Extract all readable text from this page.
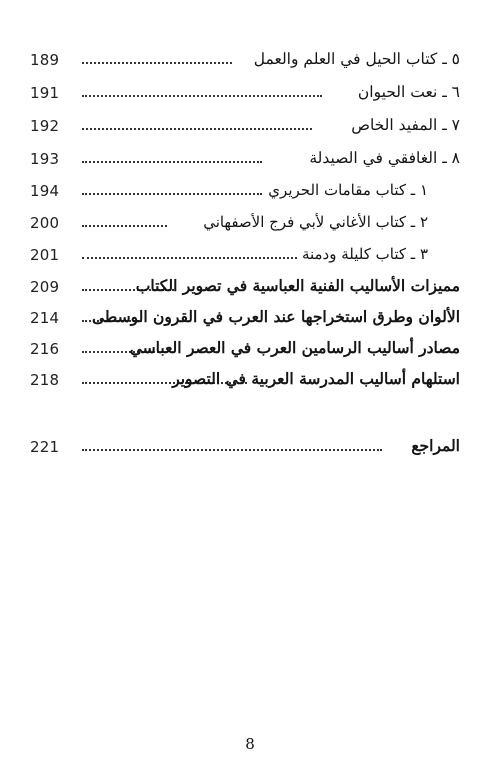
189	٥ ـ كتاب الحيل في العلم والعمل
191	٦ ـ نعت الحيوان
192	٧ ـ المفيد الخاص
193	٨ ـ الغافقي في الصيدلة
194	١ ـ كتاب مقامات الحريري
200	٢ ـ كتاب الأغاني لأبي فرج الأصفهاني
201	٣ ـ كتاب كليلة ودمنة
209	مميزات الأساليب الفنية العباسية في تصوير الكتاب
214	الألوان وطرق استخراجها عند العرب في القرون الوسطى
216	مصادر أساليب الرسامين العرب في العصر العباسي
218	استلهام أساليب المدرسة العربية في التصوير
221	المراجع
8
